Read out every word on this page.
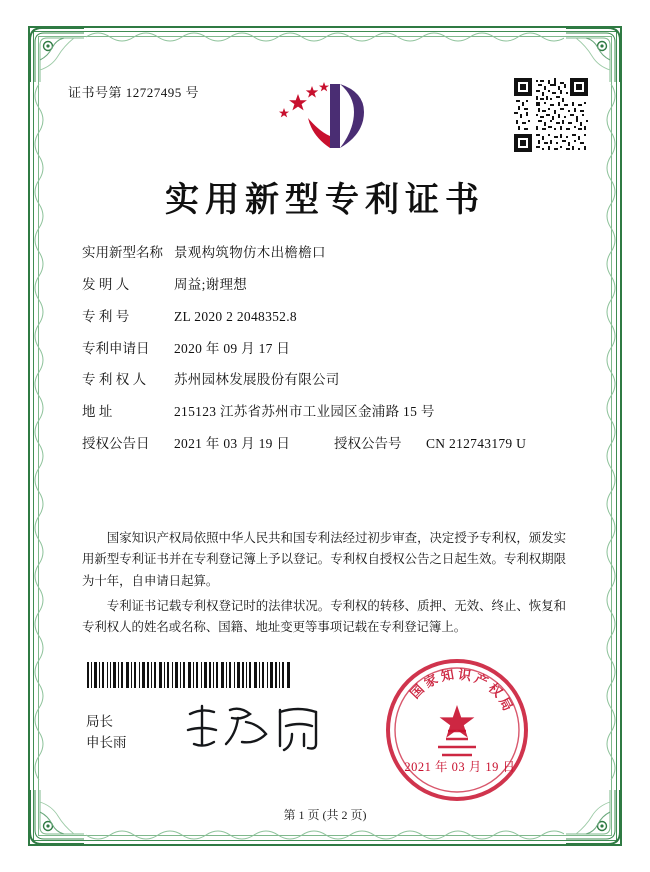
证书号第 12727495 号
实用新型专利证书
实用新型名称 景观构筑物仿木出檐檐口
发 明 人	周益;谢理想
专 利 号	ZL 2020 2 2048352.8
专利申请日	2020 年 09 月 17 日
专 利 权 人	苏州园林发展股份有限公司
地 址	215123 江苏省苏州市工业园区金浦路 15 号
授权公告日	2021 年 03 月 19 日	授权公告号	CN 212743179 U

国家知识产权局依照中华人民共和国专利法经过初步审查，决定授予专利权，颁发实用新型专利证书并在专利登记簿上予以登记。专利权自授权公告之日起生效。专利权期限为十年，自申请日起算。

专利证书记载专利权登记时的法律状况。专利权的转移、质押、无效、终止、恢复和专利权人的姓名或名称、国籍、地址变更等事项记载在专利登记簿上。

局长
申长雨
国
家 知 识 产
权
局
2021 年 03 月 19 日
第 1 页 (共 2 页)
